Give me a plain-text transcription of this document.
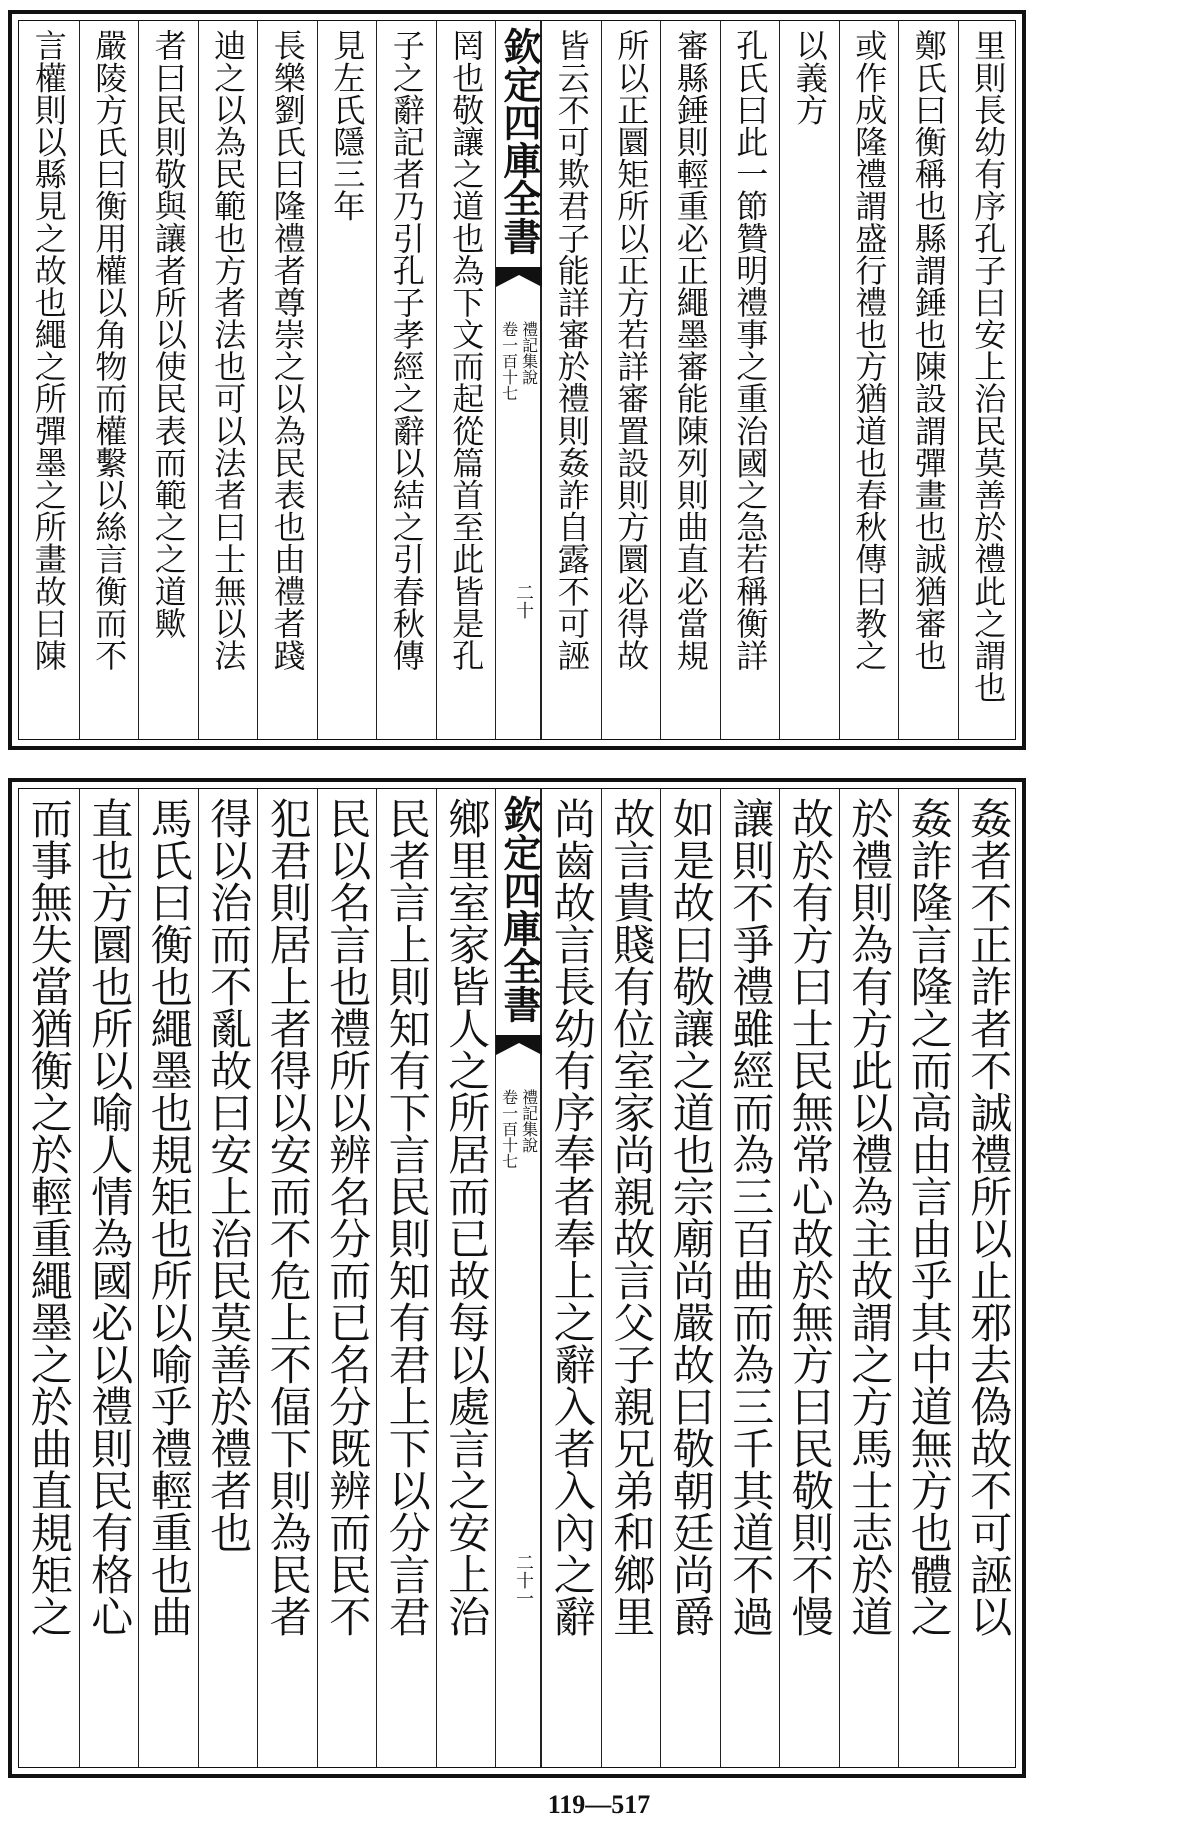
里則長幼有序孔子曰安上治民莫善於禮此之謂也
鄭氏曰衡稱也縣謂錘也陳設謂彈畫也誠猶審也
或作成隆禮謂盛行禮也方猶道也春秋傳曰教之
以義方
孔氏曰此一節贊明禮事之重治國之急若稱衡詳
審縣錘則輕重必正繩墨審能陳列則曲直必當規
所以正圜矩所以正方若詳審置設則方圜必得故
皆云不可欺君子能詳審於禮則姦詐自露不可誣
欽定四庫全書
禮記集說
卷一百十七
二十
罔也敬讓之道也為下文而起從篇首至此皆是孔
子之辭記者乃引孔子孝經之辭以結之引春秋傳
見左氏隱三年
長樂劉氏曰隆禮者尊崇之以為民表也由禮者踐
迪之以為民範也方者法也可以法者曰士無以法
者曰民則敬與讓者所以使民表而範之之道歟
嚴陵方氏曰衡用權以角物而權繫以絲言衡而不
言權則以縣見之故也繩之所彈墨之所畫故曰陳
姦者不正詐者不誠禮所以止邪去偽故不可誣以
姦詐隆言隆之而高由言由乎其中道無方也體之
於禮則為有方此以禮為主故謂之方馬士志於道
故於有方曰士民無常心故於無方曰民敬則不慢
讓則不爭禮雖經而為三百曲而為三千其道不過
如是故曰敬讓之道也宗廟尚嚴故曰敬朝廷尚爵
故言貴賤有位室家尚親故言父子親兄弟和鄉里
尚齒故言長幼有序奉者奉上之辭入者入內之辭
欽定四庫全書
禮記集說
卷一百十七
二十一
鄉里室家皆人之所居而已故每以處言之安上治
民者言上則知有下言民則知有君上下以分言君
民以名言也禮所以辨名分而已名分既辨而民不
犯君則居上者得以安而不危上不偪下則為民者
得以治而不亂故曰安上治民莫善於禮者也
馬氏曰衡也繩墨也規矩也所以喻乎禮輕重也曲
直也方圜也所以喻人情為國必以禮則民有格心
而事無失當猶衡之於輕重繩墨之於曲直規矩之
119—517
